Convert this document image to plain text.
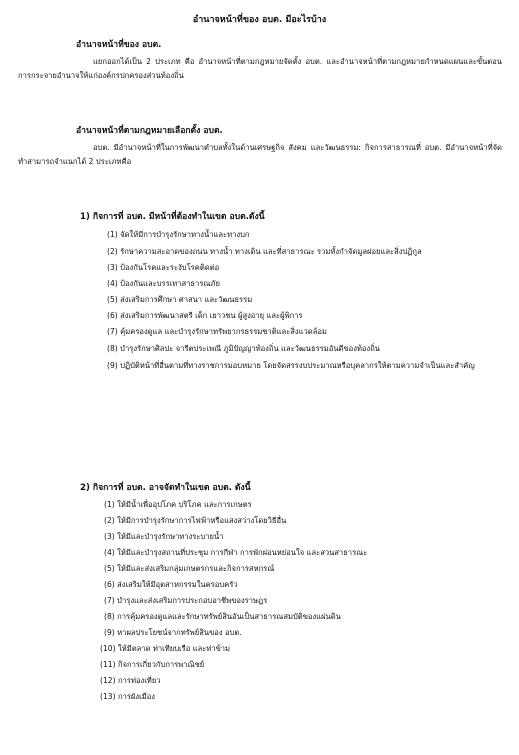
อำนาจหน้าที่ของ อบต. มีอะไรบ้าง
อำนาจหน้าที่ของ อบต.
แยกออกได้เป็น 2 ประเภท คือ อำนาจหน้าที่ตามกฎหมายจัดตั้ง อบต. และอำนาจหน้าที่ตามกฎหมายกำหนดแผนและขั้นตอนการกระจายอำนาจให้แก่องค์กรปกครองส่วนท้องถิ่น
อำนาจหน้าที่ตามกฎหมายเลือกตั้ง อบต.
อบต. มีอำนาจหน้าที่ในการพัฒนาตำบลทั้งในด้านเศรษฐกิจ สังคม และวัฒนธรรม: กิจการสาธารณที่ อบต. มีอำนาจหน้าที่จัดทำสามารถจำแนกได้ 2 ประเภทคือ
1) กิจการที่ อบต. มีหน้าที่ต้องทำในเขต อบต.ดังนี้
(1) จัดให้มีการบำรุงรักษาทางน้ำและทางบก
(2) รักษาความสะอาดของถนน ทางน้ำ ทางเดิน และที่สาธารณะ รวมทั้งกำจัดมูลฝอยและสิ่งปฏิกูล
(3) ป้องกันโรคและระงับโรคติดต่อ
(4) ป้องกันและบรรเทาสาธารณภัย
(5) ส่งเสริมการศึกษา ศาสนา และวัฒนธรรม
(6) ส่งเสริมการพัฒนาสตรี เด็ก เยาวชน ผู้สูงอายุ และผู้พิการ
(7) คุ้มครองดูแล และบำรุงรักษาทรัพยากรธรรมชาติและสิ่งแวดล้อม
(8) บำรุงรักษาศิลปะ จารีตประเพณี ภูมิปัญญาท้องถิ่น และวัฒนธรรมอันดีของท้องถิ่น
(9) ปฏิบัติหน้าที่อื่นตามที่ทางราชการมอบหมาย โดยจัดสรรงบประมาณหรือบุคลากรให้ตามความจำเป็นและสำคัญ
2) กิจการที่ อบต. อาจจัดทำในเขต อบต. ดังนี้
(1) ให้มีน้ำเพื่ออุปโภค บริโภค และการเกษตร
(2) ให้มีการบำรุงรักษาการไฟฟ้าหรือแสงสว่างโดยวิธีอื่น
(3) ให้มีและบำรุงรักษาทางระบายน้ำ
(4) ให้มีและบำรุงสถานที่ประชุม การกีฬา การพักผ่อนหย่อนใจ และสวนสาธารณะ
(5) ให้มีและส่งเสริมกลุ่มเกษตรกรและกิจการสหกรณ์
(6) ส่งเสริมให้มีอุตสาหกรรมในครอบครัว
(7) บำรุงและส่งเสริมการประกอบอาชีพของราษฎร
(8) การคุ้มครองดูแลและรักษาทรัพย์สินอันเป็นสาธารณสมบัติของแผ่นดิน
(9) หาผลประโยชน์จากทรัพย์สินของ อบต.
(10) ให้มีตลาด ท่าเทียบเรือ และท่าข้าม
(11) กิจการเกี่ยวกับการพาณิชย์
(12) การท่องเที่ยว
(13) การผังเมือง
